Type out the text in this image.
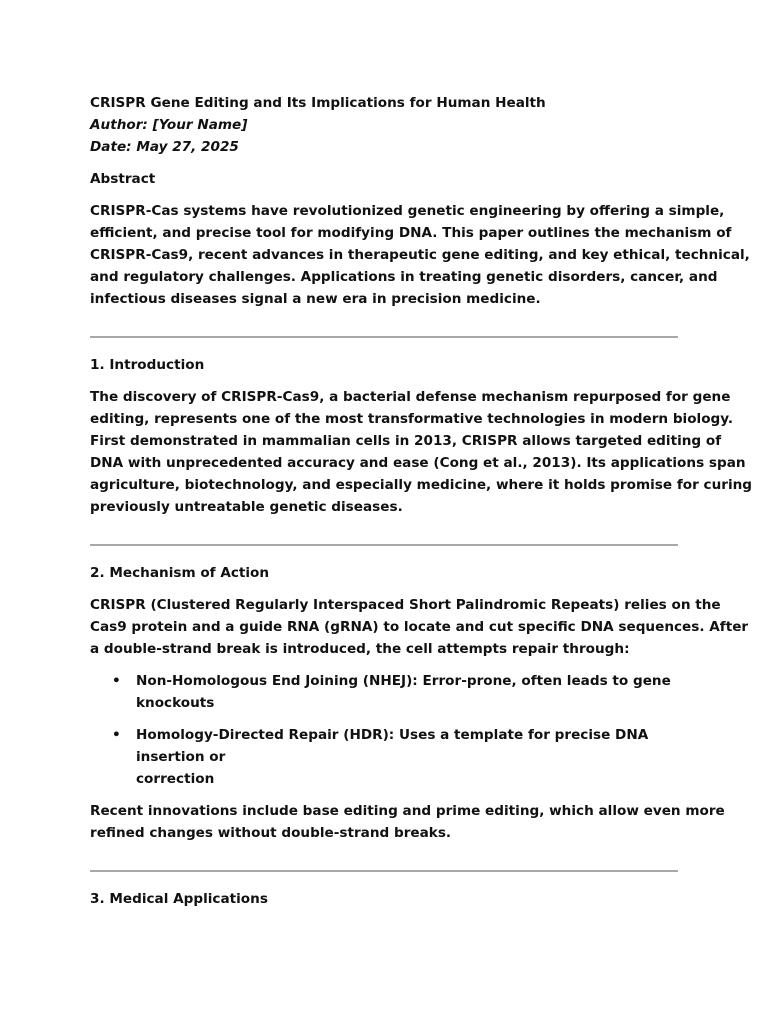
CRISPR Gene Editing and Its Implications for Human Health

Author: [Your Name]

Date: May 27, 2025

Abstract

CRISPR-Cas systems have revolutionized genetic engineering by offering a simple,

efficient, and precise tool for modifying DNA. This paper outlines the mechanism of

CRISPR-Cas9, recent advances in therapeutic gene editing, and key ethical, technical,

and regulatory challenges. Applications in treating genetic disorders, cancer, and

infectious diseases signal a new era in precision medicine.

1. Introduction

The discovery of CRISPR-Cas9, a bacterial defense mechanism repurposed for gene

editing, represents one of the most transformative technologies in modern biology.

First demonstrated in mammalian cells in 2013, CRISPR allows targeted editing of

DNA with unprecedented accuracy and ease (Cong et al., 2013). Its applications span

agriculture, biotechnology, and especially medicine, where it holds promise for curing

previously untreatable genetic diseases.

2. Mechanism of Action

CRISPR (Clustered Regularly Interspaced Short Palindromic Repeats) relies on the

Cas9 protein and a guide RNA (gRNA) to locate and cut specific DNA sequences. After

a double-strand break is introduced, the cell attempts repair through:

• Non-Homologous End Joining (NHEJ): Error-prone, often leads to gene
knockouts
• Homology-Directed Repair (HDR): Uses a template for precise DNA insertion or
correction

Recent innovations include base editing and prime editing, which allow even more

refined changes without double-strand breaks.

3. Medical Applications
